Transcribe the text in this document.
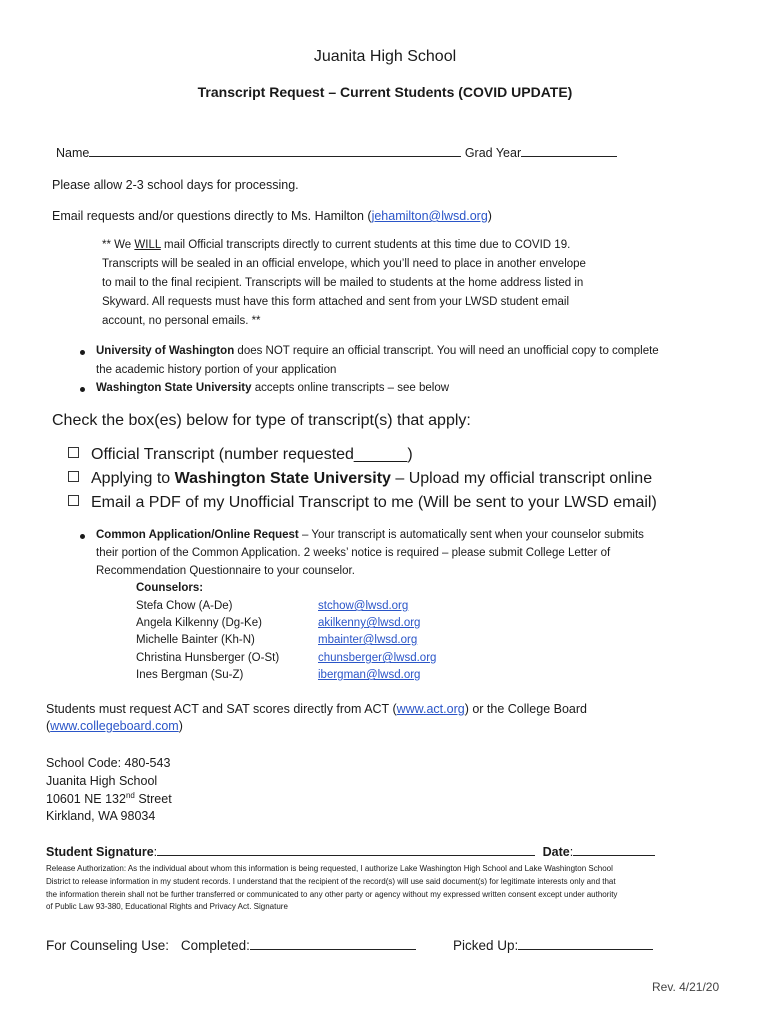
Juanita High School
Transcript Request – Current Students (COVID UPDATE)
Name	Grad Year
Please allow 2-3 school days for processing.
Email requests and/or questions directly to Ms. Hamilton (jehamilton@lwsd.org)
** We WILL mail Official transcripts directly to current students at this time due to COVID 19.
Transcripts will be sealed in an official envelope, which you’ll need to place in another envelope
to mail to the final recipient. Transcripts will be mailed to students at the home address listed in
Skyward. All requests must have this form attached and sent from your LWSD student email
account, no personal emails. **
University of Washington does NOT require an official transcript. You will need an unofficial copy to complete
the academic history portion of your application
Washington State University accepts online transcripts – see below
Check the box(es) below for type of transcript(s) that apply:
Official Transcript (number requested______)
Applying to Washington State University – Upload my official transcript online
Email a PDF of my Unofficial Transcript to me (Will be sent to your LWSD email)
Common Application/Online Request – Your transcript is automatically sent when your counselor submits
their portion of the Common Application. 2 weeks’ notice is required – please submit College Letter of
Recommendation Questionnaire to your counselor.
Counselors:
Stefa Chow (A-De)	stchow@lwsd.org
Angela Kilkenny (Dg-Ke)	akilkenny@lwsd.org
Michelle Bainter (Kh-N)	mbainter@lwsd.org
Christina Hunsberger (O-St)	chunsberger@lwsd.org
Ines Bergman (Su-Z)	ibergman@lwsd.org
Students must request ACT and SAT scores directly from ACT (www.act.org) or the College Board
(www.collegeboard.com)
School Code: 480-543
Juanita High School
10601 NE 132nd Street
Kirkland, WA 98034
Student Signature:	Date:
Release Authorization: As the individual about whom this information is being requested, I authorize Lake Washington High School and Lake Washington School
District to release information in my student records. I understand that the recipient of the record(s) will use said document(s) for legitimate interests only and that
the information therein shall not be further transferred or communicated to any other party or agency without my expressed written consent except under authority
of Public Law 93-380, Educational Rights and Privacy Act. Signature
For Counseling Use: Completed:	Picked Up:
Rev. 4/21/20
